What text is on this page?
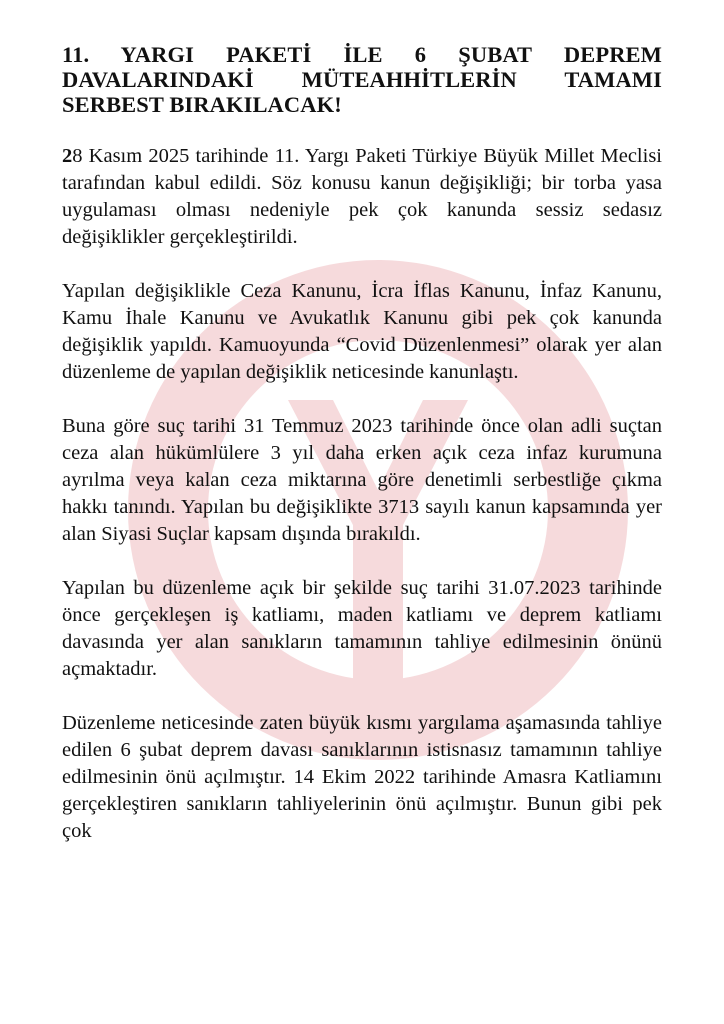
11. YARGI PAKETİ İLE 6 ŞUBAT DEPREM DAVALARINDAKİ MÜTEAHHİTLERİN TAMAMI SERBEST BIRAKILACAK!

28 Kasım 2025 tarihinde 11. Yargı Paketi Türkiye Büyük Millet Meclisi tarafından kabul edildi. Söz konusu kanun değişikliği; bir torba yasa uygulaması olması nedeniyle pek çok kanunda sessiz sedasız değişiklikler gerçekleştirildi.

Yapılan değişiklikle Ceza Kanunu, İcra İflas Kanunu, İnfaz Kanunu, Kamu İhale Kanunu ve Avukatlık Kanunu gibi pek çok kanunda değişiklik yapıldı. Kamuoyunda “Covid Düzenlenmesi” olarak yer alan düzenleme de yapılan değişiklik neticesinde kanunlaştı.

Buna göre suç tarihi 31 Temmuz 2023 tarihinde önce olan adli suçtan ceza alan hükümlülere 3 yıl daha erken açık ceza infaz kurumuna ayrılma veya kalan ceza miktarına göre denetimli serbestliğe çıkma hakkı tanındı. Yapılan bu değişiklikte 3713 sayılı kanun kapsamında yer alan Siyasi Suçlar kapsam dışında bırakıldı.

Yapılan bu düzenleme açık bir şekilde suç tarihi 31.07.2023 tarihinde önce gerçekleşen iş katliamı, maden katliamı ve deprem katliamı davasında yer alan sanıkların tamamının tahliye edilmesinin önünü açmaktadır.

Düzenleme neticesinde zaten büyük kısmı yargılama aşamasında tahliye edilen 6 şubat deprem davası sanıklarının istisnasız tamamının tahliye edilmesinin önü açılmıştır. 14 Ekim 2022 tarihinde Amasra Katliamını gerçekleştiren sanıkların tahliyelerinin önü açılmıştır. Bunun gibi pek çok
